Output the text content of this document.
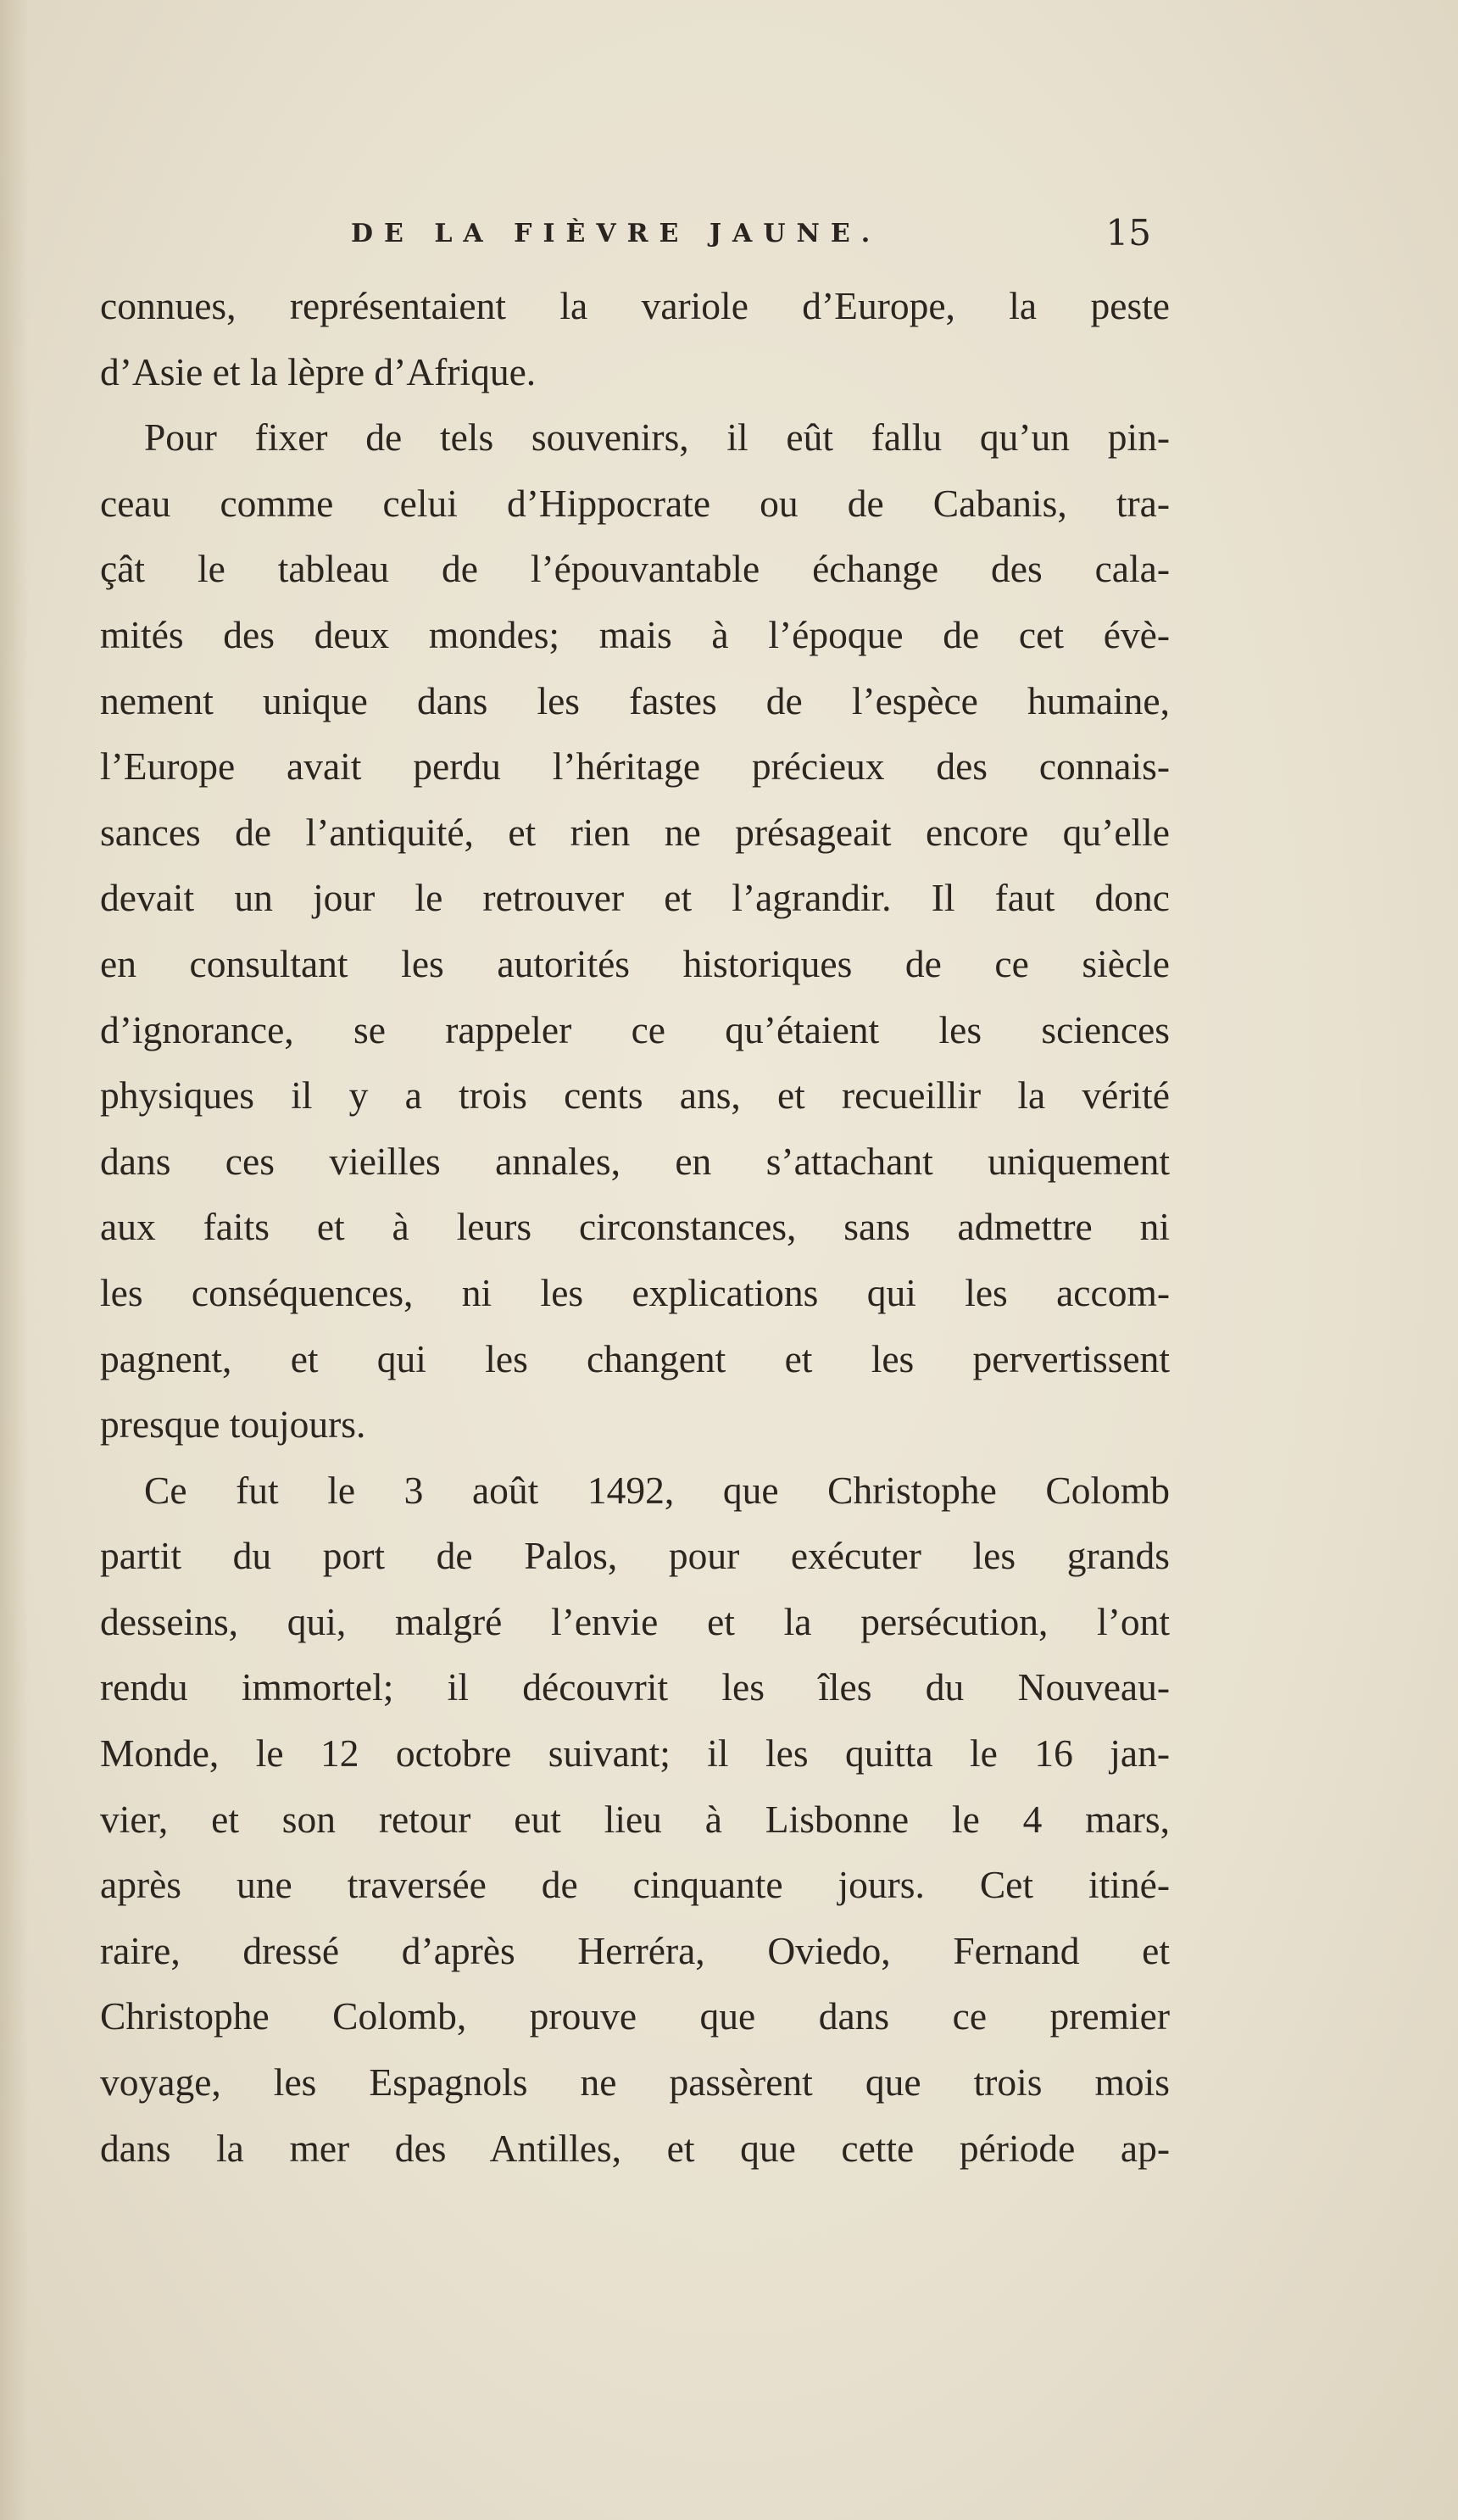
DE LA FIÈVRE JAUNE.	15
connues, représentaient la variole d’Europe, la peste
d’Asie et la lèpre d’Afrique.
Pour fixer de tels souvenirs, il eût fallu qu’un pin-
ceau comme celui d’Hippocrate ou de Cabanis, tra-
çât le tableau de l’épouvantable échange des cala-
mités des deux mondes; mais à l’époque de cet évè-
nement unique dans les fastes de l’espèce humaine,
l’Europe avait perdu l’héritage précieux des connais-
sances de l’antiquité, et rien ne présageait encore qu’elle
devait un jour le retrouver et l’agrandir. Il faut donc
en consultant les autorités historiques de ce siècle
d’ignorance, se rappeler ce qu’étaient les sciences
physiques il y a trois cents ans, et recueillir la vérité
dans ces vieilles annales, en s’attachant uniquement
aux faits et à leurs circonstances, sans admettre ni
les conséquences, ni les explications qui les accom-
pagnent, et qui les changent et les pervertissent
presque toujours.
Ce fut le 3 août 1492, que Christophe Colomb
partit du port de Palos, pour exécuter les grands
desseins, qui, malgré l’envie et la persécution, l’ont
rendu immortel; il découvrit les îles du Nouveau-
Monde, le 12 octobre suivant; il les quitta le 16 jan-
vier, et son retour eut lieu à Lisbonne le 4 mars,
après une traversée de cinquante jours. Cet itiné-
raire, dressé d’après Herréra, Oviedo, Fernand et
Christophe Colomb, prouve que dans ce premier
voyage, les Espagnols ne passèrent que trois mois
dans la mer des Antilles, et que cette période ap-
